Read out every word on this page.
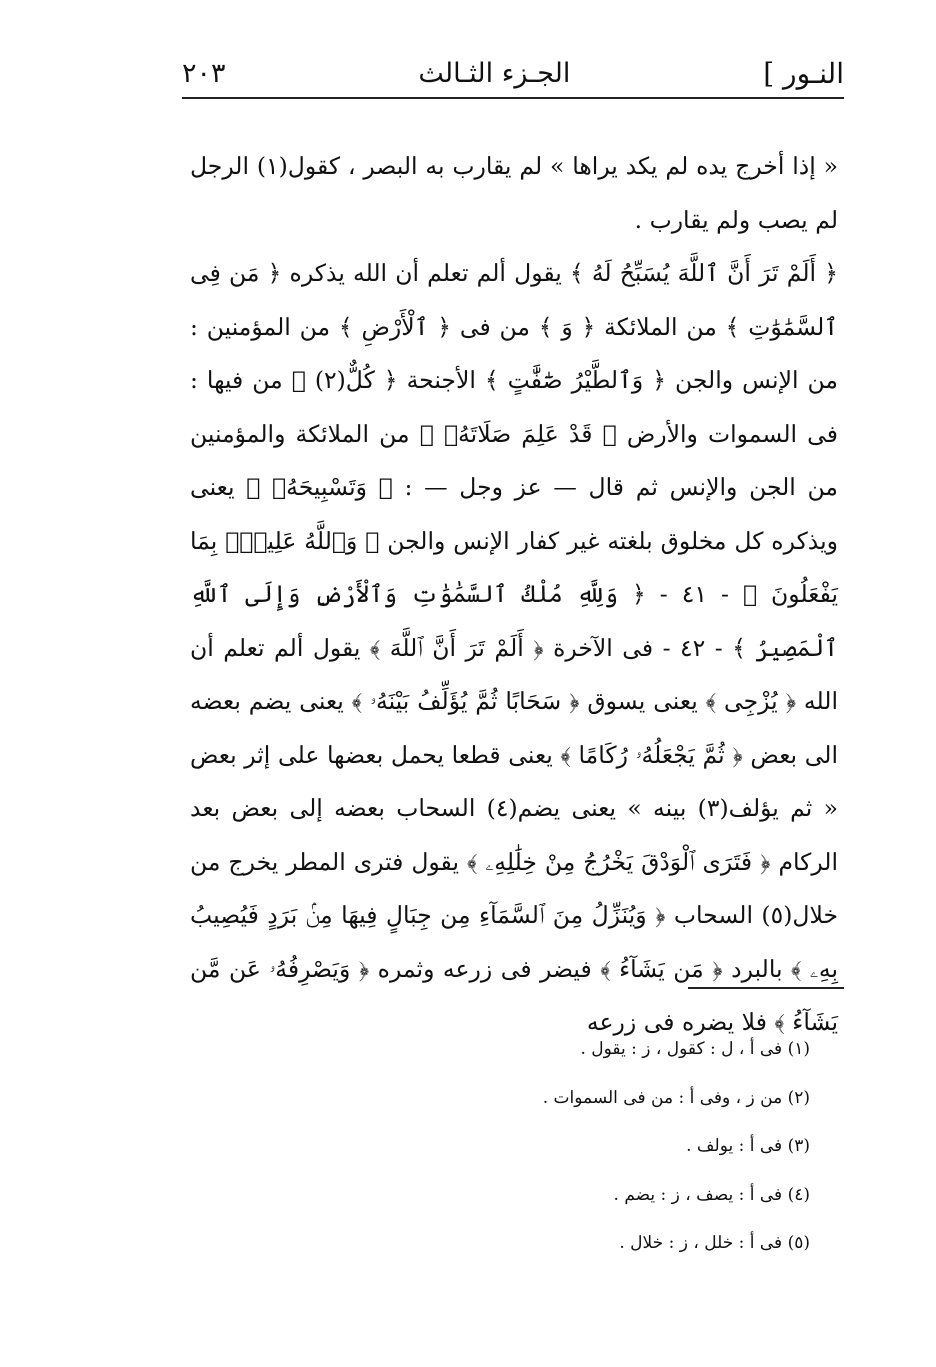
النـور ]
الجـزء الثـالث
٢٠٣

« إذا أخرج يده لم يكد يراها » لم يقارب به البصر ، كقول(١) الرجل لم يصب ولم يقارب .

﴿ أَلَمْ تَرَ أَنَّ ٱللَّهَ يُسَبِّحُ لَهُ ﴾ يقول ألم تعلم أن الله يذكره ﴿ مَن فِى ٱلسَّمَٰوَٰتِ ﴾ من الملائكة ﴿ وَ ﴾ من فى ﴿ ٱلْأَرْضِ ﴾ من المؤمنين : من الإنس والجن ﴿ وَٱلطَّيْرُ صَٰٓفَّٰتٍ ﴾ الأجنحة ﴿ كُلٌّ(٢) ﴾ من فيها : فى السموات والأرض ﴿ قَدْ عَلِمَ صَلَاتَهُۥ ﴾ من الملائكة والمؤمنين من الجن والإنس ثم قال — عز وجل — : ﴿ وَتَسْبِيحَهُۥ ﴾ يعنى ويذكره كل مخلوق بلغته غير كفار الإنس والجن ﴿ وَٱللَّهُ عَلِيمٌۢ بِمَا يَفْعَلُونَ ﴾ - ٤١ - ﴿ وَلِلَّهِ مُلْكُ ٱلسَّمَٰوَٰتِ وَٱلْأَرْضِ وَإِلَى ٱللَّهِ ٱلْمَصِيرُ ﴾ - ٤٢ - فى الآخرة ﴿ أَلَمْ تَرَ أَنَّ ٱللَّهَ ﴾ يقول ألم تعلم أن الله ﴿ يُزْجِى ﴾ يعنى يسوق ﴿ سَحَابًا ثُمَّ يُؤَلِّفُ بَيْنَهُۥ ﴾ يعنى يضم بعضه الى بعض ﴿ ثُمَّ يَجْعَلُهُۥ رُكَامًا ﴾ يعنى قطعا يحمل بعضها على إثر بعض « ثم يؤلف(٣) بينه » يعنى يضم(٤) السحاب بعضه إلى بعض بعد الركام ﴿ فَتَرَى ٱلْوَدْقَ يَخْرُجُ مِنْ خِلَٰلِهِۦ ﴾ يقول فترى المطر يخرج من خلال(٥) السحاب ﴿ وَيُنَزِّلُ مِنَ ٱلسَّمَآءِ مِن جِبَالٍ فِيهَا مِنۢ بَرَدٍ فَيُصِيبُ بِهِۦ ﴾ بالبرد ﴿ مَن يَشَآءُ ﴾ فيضر فى زرعه وثمره ﴿ وَيَصْرِفُهُۥ عَن مَّن يَشَآءُ ﴾ فلا يضره فى زرعه

(١) فى أ ، ل : كقول ، ز : يقول .
(٢) من ز ، وفى أ : من فى السموات .
(٣) فى أ : يولف .
(٤) فى أ : يصف ، ز : يضم .
(٥) فى أ : خلل ، ز : خلال .
